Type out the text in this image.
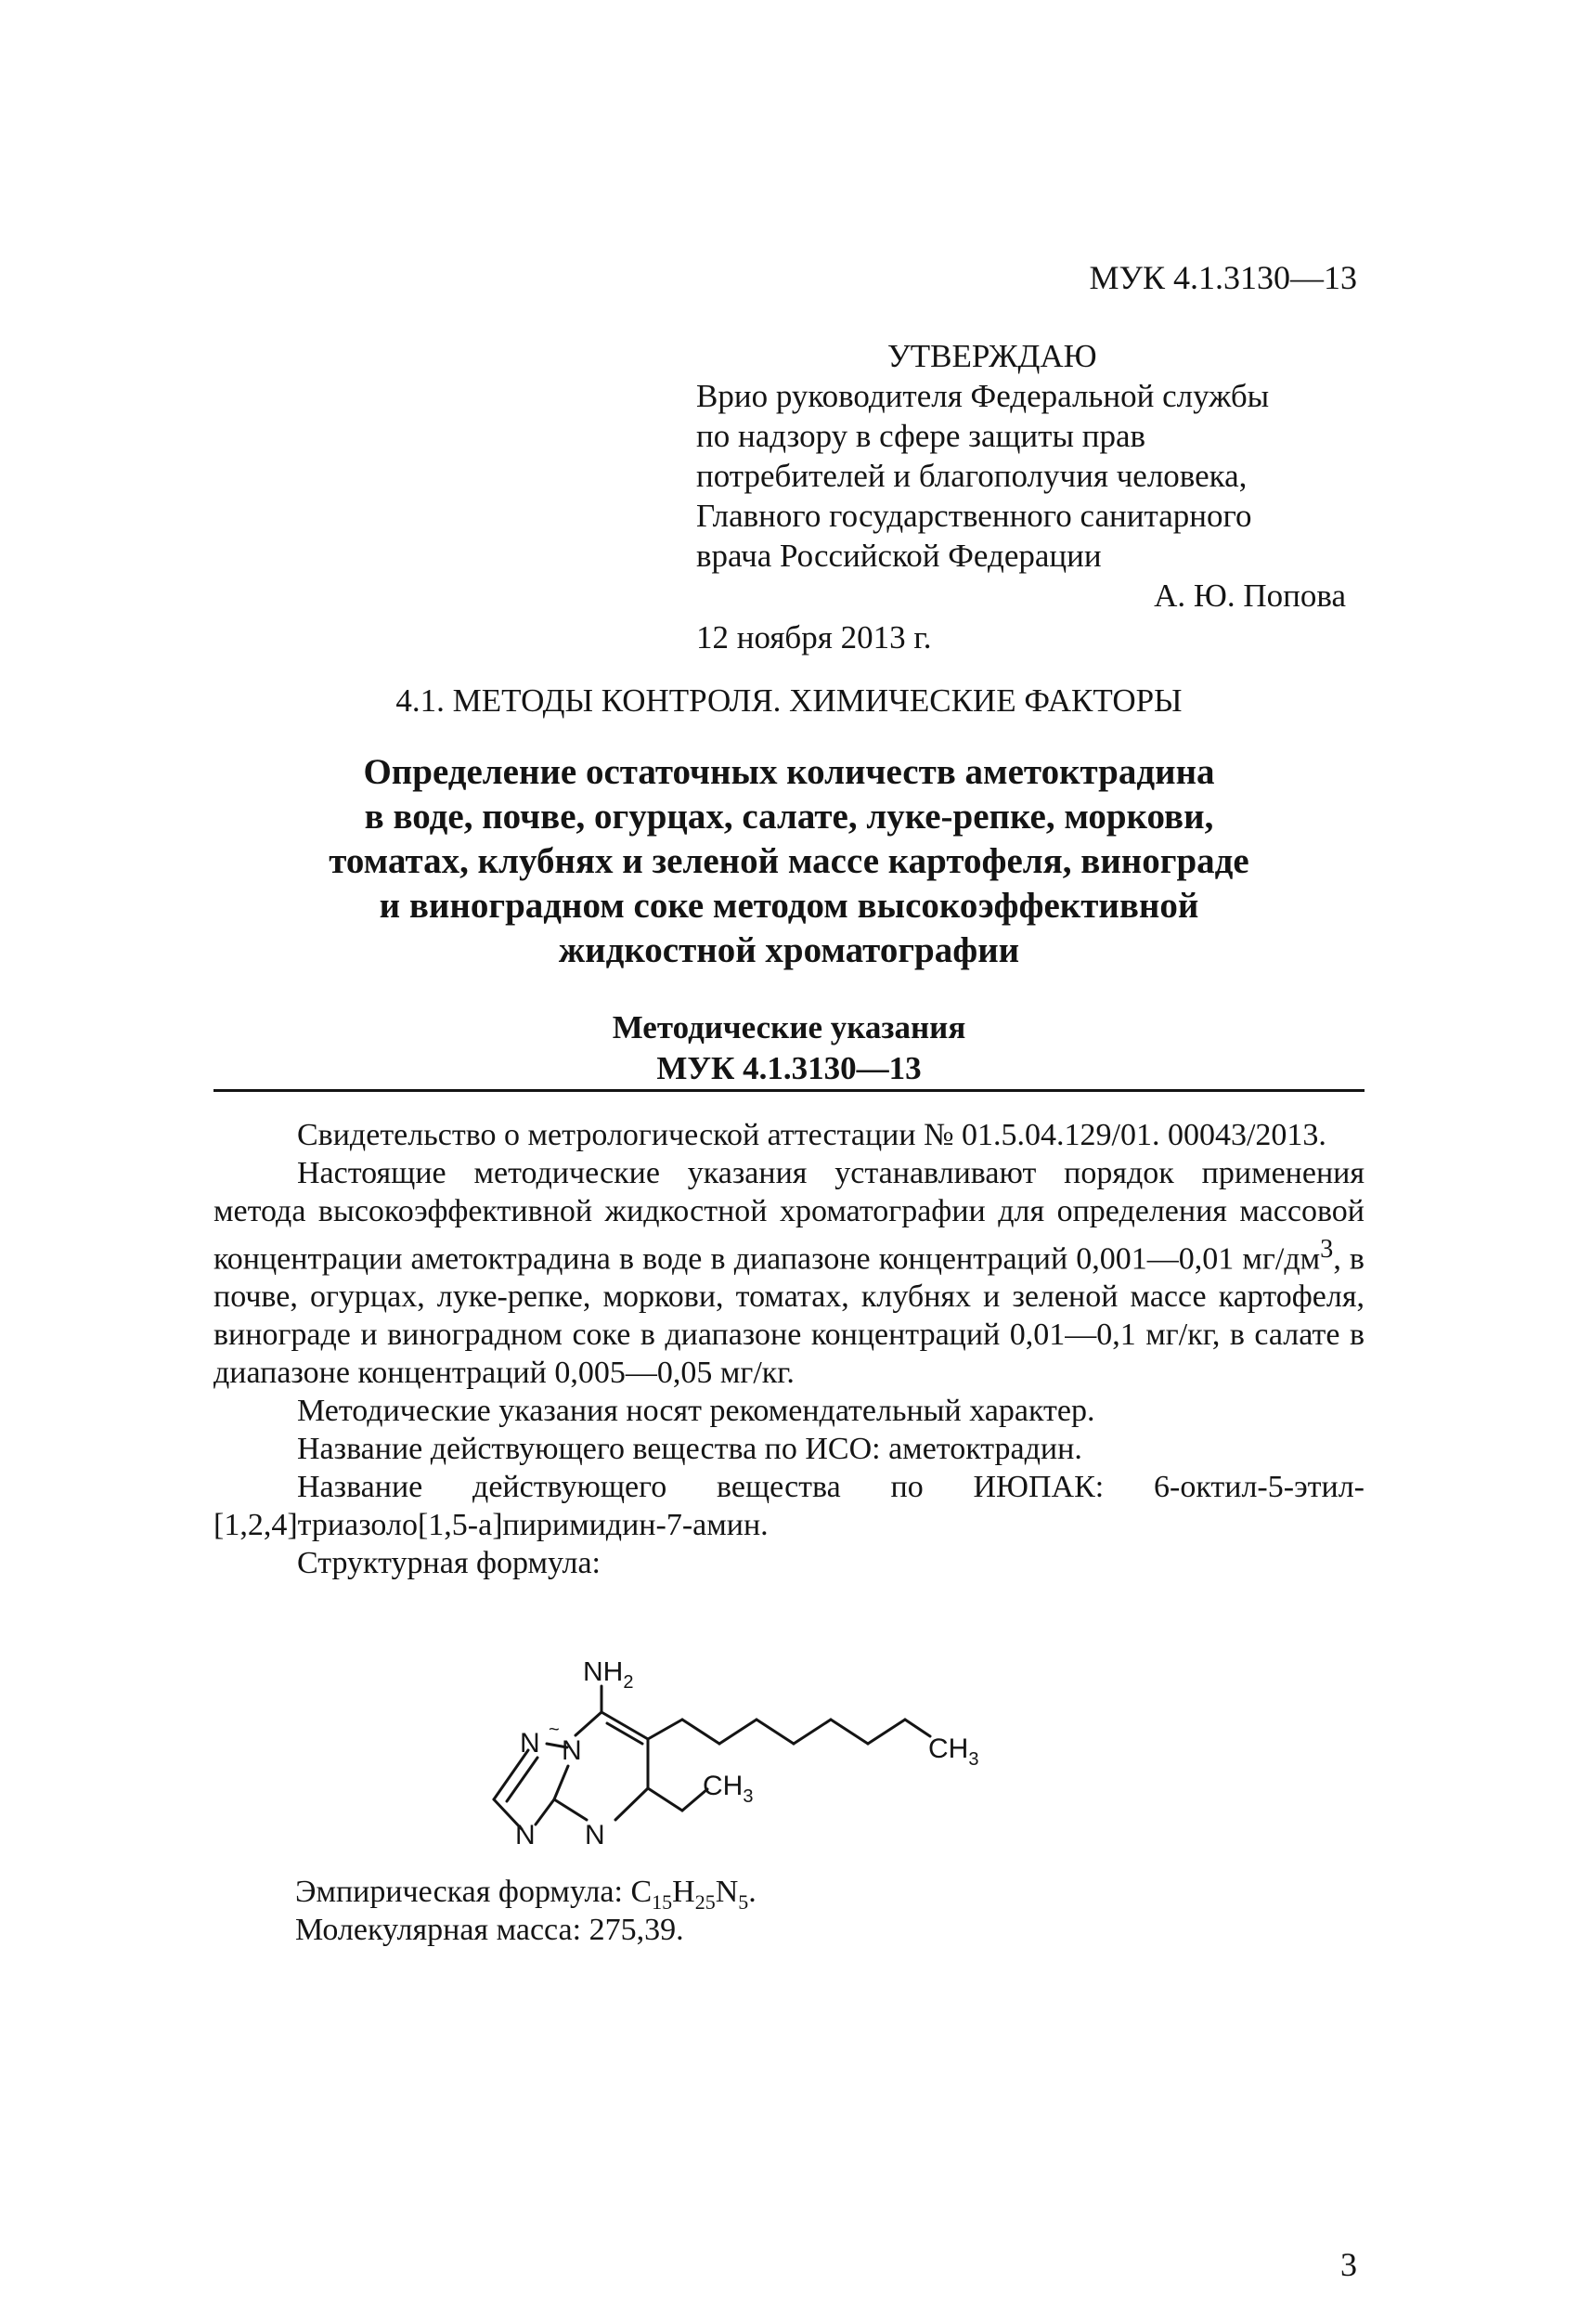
МУК 4.1.3130—13
УТВЕРЖДАЮ
Врио руководителя Федеральной службы
по надзору в сфере защиты прав
потребителей и благополучия человека,
Главного государственного санитарного
врача Российской Федерации
А. Ю. Попова
12 ноября 2013 г.
4.1. МЕТОДЫ КОНТРОЛЯ. ХИМИЧЕСКИЕ ФАКТОРЫ
Определение остаточных количеств аметоктрадина
в воде, почве, огурцах, салате, луке-репке, моркови,
томатах, клубнях и зеленой массе картофеля, винограде
и виноградном соке методом высокоэффективной
жидкостной хроматографии
Методические указания
МУК 4.1.3130—13

Свидетельство о метрологической аттестации № 01.5.04.129/01. 00043/2013.

Настоящие методические указания устанавливают порядок применения метода высокоэффективной жидкостной хроматографии для определения массовой концентрации аметоктрадина в воде в диапазоне концентраций 0,001—0,01 $мг/дм^3$, в почве, огурцах, луке-репке, моркови, томатах, клубнях и зеленой массе картофеля, винограде и виноградном соке в диапазоне концентраций 0,01—0,1 мг/кг, в салате в диапазоне концентраций 0,005—0,05 мг/кг.

Методические указания носят рекомендательный характер.

Название действующего вещества по ИСО: аметоктрадин.

Название действующего вещества по ИЮПАК: 6-октил-5-этил-[1,2,4]триазоло[1,5-a]пиримидин-7-амин.

Структурная формула:

$NH_2$
N ~
N
N N
$CH_3$
$CH_3$
Эмпирическая формула: $C_{15}H_{25}N_5$.
Молекулярная масса: 275,39.
3
